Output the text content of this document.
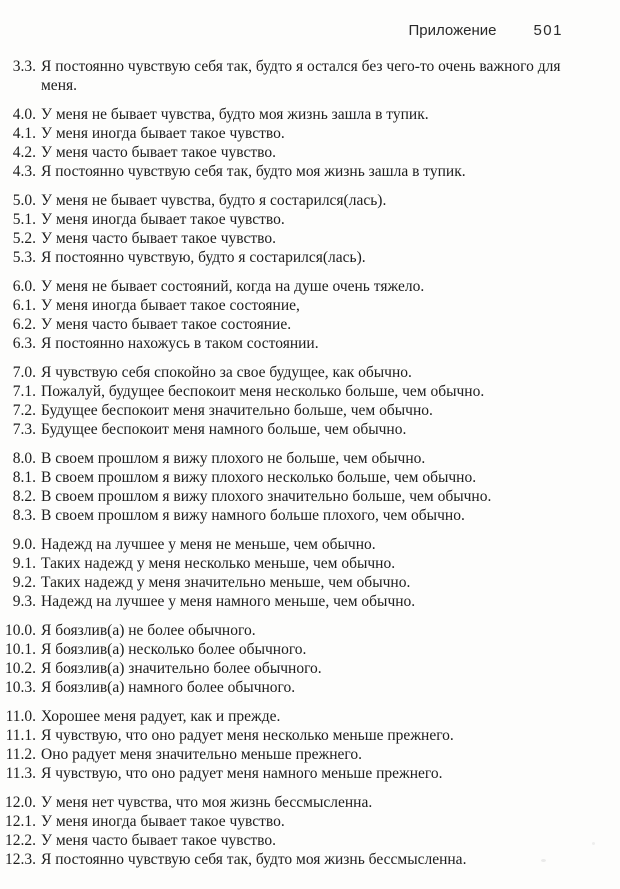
Приложение 501
3.3. Я постоянно чувствую себя так, будто я остался без чего-то очень важного для меня.
4.0. У меня не бывает чувства, будто моя жизнь зашла в тупик.
4.1. У меня иногда бывает такое чувство.
4.2. У меня часто бывает такое чувство.
4.3. Я постоянно чувствую себя так, будто моя жизнь зашла в тупик.
5.0. У меня не бывает чувства, будто я состарился(лась).
5.1. У меня иногда бывает такое чувство.
5.2. У меня часто бывает такое чувство.
5.3. Я постоянно чувствую, будто я состарился(лась).
6.0. У меня не бывает состояний, когда на душе очень тяжело.
6.1. У меня иногда бывает такое состояние,
6.2. У меня часто бывает такое состояние.
6.3. Я постоянно нахожусь в таком состоянии.
7.0. Я чувствую себя спокойно за свое будущее, как обычно.
7.1. Пожалуй, будущее беспокоит меня несколько больше, чем обычно.
7.2. Будущее беспокоит меня значительно больше, чем обычно.
7.3. Будущее беспокоит меня намного больше, чем обычно.
8.0. В своем прошлом я вижу плохого не больше, чем обычно.
8.1. В своем прошлом я вижу плохого несколько больше, чем обычно.
8.2. В своем прошлом я вижу плохого значительно больше, чем обычно.
8.3. В своем прошлом я вижу намного больше плохого, чем обычно.
9.0. Надежд на лучшее у меня не меньше, чем обычно.
9.1. Таких надежд у меня несколько меньше, чем обычно.
9.2. Таких надежд у меня значительно меньше, чем обычно.
9.3. Надежд на лучшее у меня намного меньше, чем обычно.
10.0. Я боязлив(а) не более обычного.
10.1. Я боязлив(а) несколько более обычного.
10.2. Я боязлив(а) значительно более обычного.
10.3. Я боязлив(а) намного более обычного.
11.0. Хорошее меня радует, как и прежде.
11.1. Я чувствую, что оно радует меня несколько меньше прежнего.
11.2. Оно радует меня значительно меньше прежнего.
11.3. Я чувствую, что оно радует меня намного меньше прежнего.
12.0. У меня нет чувства, что моя жизнь бессмысленна.
12.1. У меня иногда бывает такое чувство.
12.2. У меня часто бывает такое чувство.
12.3. Я постоянно чувствую себя так, будто моя жизнь бессмысленна.
